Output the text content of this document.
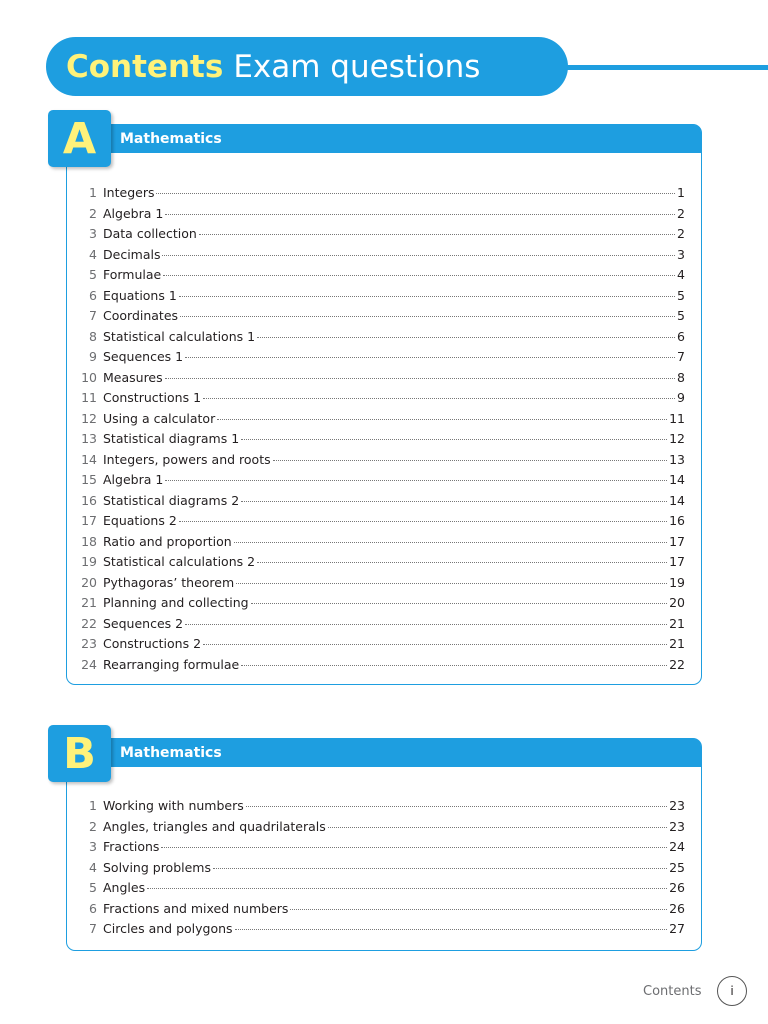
Contents Exam questions
Mathematics
1 Integers	1
2 Algebra 1	2
3 Data collection	2
4 Decimals	3
5 Formulae	4
6 Equations 1	5
7 Coordinates	5
8 Statistical calculations 1	6
9 Sequences 1	7
10 Measures	8
11 Constructions 1	9
12 Using a calculator	11
13 Statistical diagrams 1	12
14 Integers, powers and roots	13
15 Algebra 1	14
16 Statistical diagrams 2	14
17 Equations 2	16
18 Ratio and proportion	17
19 Statistical calculations 2	17
20 Pythagoras’ theorem	19
21 Planning and collecting	20
22 Sequences 2	21
23 Constructions 2	21
24 Rearranging formulae	22
A
Mathematics
1 Working with numbers	23
2 Angles, triangles and quadrilaterals	23
3 Fractions	24
4 Solving problems	25
5 Angles	26
6 Fractions and mixed numbers	26
7 Circles and polygons	27
B
Contents	i
